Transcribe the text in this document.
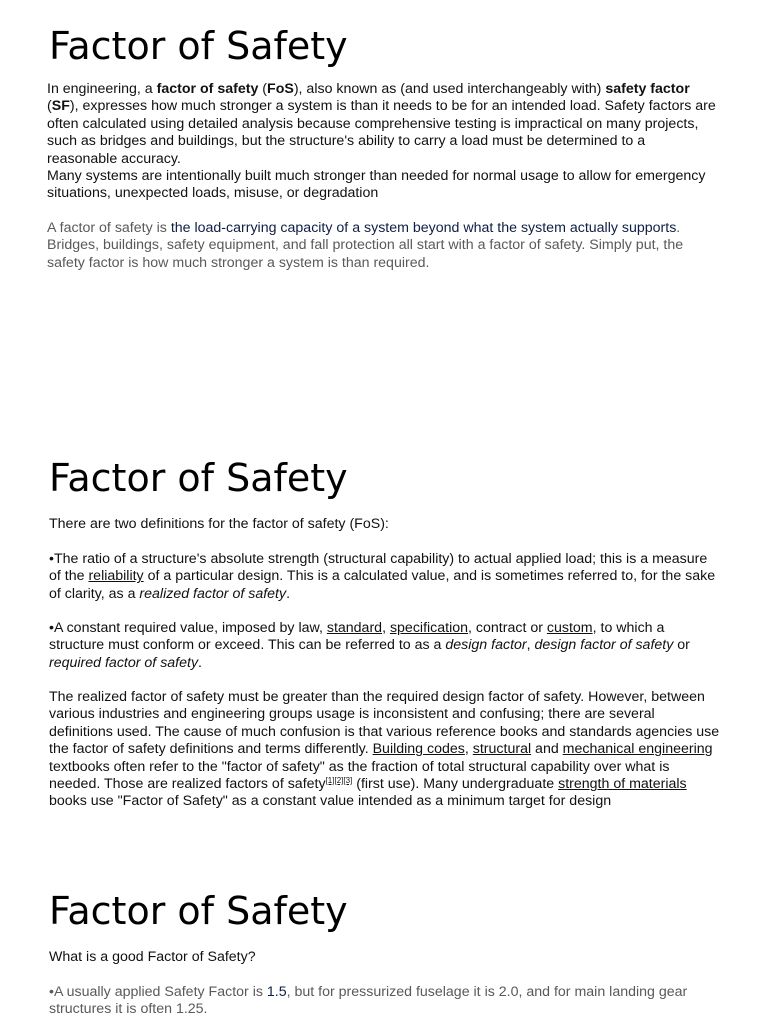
Factor of Safety

In engineering, a factor of safety (FoS), also known as (and used interchangeably with) safety factor (SF), expresses how much stronger a system is than it needs to be for an intended load. Safety factors are often calculated using detailed analysis because comprehensive testing is impractical on many projects, such as bridges and buildings, but the structure's ability to carry a load must be determined to a reasonable accuracy.

Many systems are intentionally built much stronger than needed for normal usage to allow for emergency situations, unexpected loads, misuse, or degradation

A factor of safety is the load-carrying capacity of a system beyond what the system actually supports. Bridges, buildings, safety equipment, and fall protection all start with a factor of safety. Simply put, the safety factor is how much stronger a system is than required.

Factor of Safety

There are two definitions for the factor of safety (FoS):

•The ratio of a structure's absolute strength (structural capability) to actual applied load; this is a measure of the reliability of a particular design. This is a calculated value, and is sometimes referred to, for the sake of clarity, as a realized factor of safety.

•A constant required value, imposed by law, standard, specification, contract or custom, to which a structure must conform or exceed. This can be referred to as a design factor, design factor of safety or required factor of safety.

The realized factor of safety must be greater than the required design factor of safety. However, between various industries and engineering groups usage is inconsistent and confusing; there are several definitions used. The cause of much confusion is that various reference books and standards agencies use the factor of safety definitions and terms differently. Building codes, structural and mechanical engineering textbooks often refer to the "factor of safety" as the fraction of total structural capability over what is needed. Those are realized factors of safety[1][2][3] (first use). Many undergraduate strength of materials books use "Factor of Safety" as a constant value intended as a minimum target for design

Factor of Safety

What is a good Factor of Safety?

•A usually applied Safety Factor is 1.5, but for pressurized fuselage it is 2.0, and for main landing gear structures it is often 1.25.
